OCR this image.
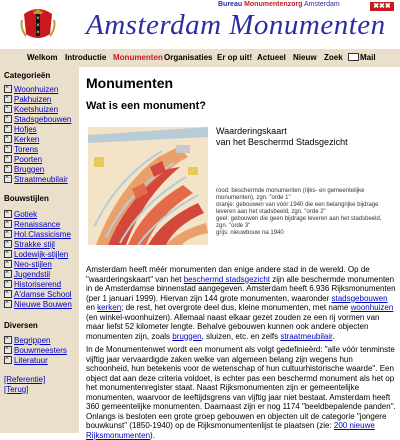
×
×
×
Bureau Monumentenzorg Amsterdam	✖✖✖
Amsterdam Monumenten
Welkom Introductie Monumenten Organisaties Er op uit! Actueel Nieuw Zoek	Mail
Categorieën
×Woonhuizen
×Pakhuizen
×Koetshuizen
×Stadsgebouwen
×Hofjes
×Kerken
×Torens
×Poorten
×Bruggen
×Straatmeubilair
Bouwstijlen
×Gotiek
×Renaissance
×Hol.Classicisme
×Strakke stijl
×Lodewijk-stijlen
×Neo-stijlen
×Jugendstil
×Historiserend
×A'damse School
×Nieuwe Bouwen
Diversen
×Begrippen
×Bouwmeesters
×Literatuur
[Referentie]
[Terug]
Monumenten
Wat is een monument?
Waarderingskaart
van het Beschermd Stadsgezicht
rood: beschermde monumenten (rijks- en gemeentelijke
monumenten), zgn. "orde 1"
oranje: gebouwen van vóór 1940 die een belangrijke bijdrage
leveren aan het stadsbeeld, zgn. "orde 2"
geel: gebouwen die geen bijdrage leveren aan het stadsbeeld,
zgn. "orde 3"
grijs: nieuwbouw na 1940
Amsterdam heeft méér monumenten dan enige andere stad in de wereld. Op de "waarderingskaart" van het beschermd stadsgezicht zijn alle beschermde monumenten in de Amsterdamse binnenstad aangegeven. Amsterdam heeft 6.936 Rijksmonumenten (per 1 januari 1999). Hiervan zijn 144 grote monumenten, waaronder stadsgebouwen en kerken; de rest, het overgrote deel dus, kleine monumenten, met name woonhuizen (en winkel-woonhuizen). Allemaal naast elkaar gezet zouden ze een rij vormen van maar liefst 52 kilometer lengte. Behalve gebouwen kunnen ook andere objecten monumenten zijn, zoals bruggen, sluizen, etc. en zelfs straatmeubilair.
In de Monumentenwet wordt een monument als volgt gedefinieërd: "alle vóór tenminste vijftig jaar vervaardigde zaken welke van algemeen belang zijn wegens hun schoonheid, hun betekenis voor de wetenschap of hun cultuurhistorische waarde". Een object dat aan deze criteria voldoet, is echter pas een beschermd monument als het op het monumentenregister staat. Naast Rijksmonumenten zijn er gemeentelijke monumenten, waarvoor de leeftijdsgrens van vijftig jaar niet bestaat. Amsterdam heeft 360 gemeentelijke monumenten. Daarnaast zijn er nog 1174 "beeldbepalende panden". Onlangs is besloten een grote groep gebouwen en objecten uit de categorie "jongere bouwkunst" (1850-1940) op de Rijksmonumentenlijst te plaatsen (zie: 200 nieuwe Rijksmonumenten).
